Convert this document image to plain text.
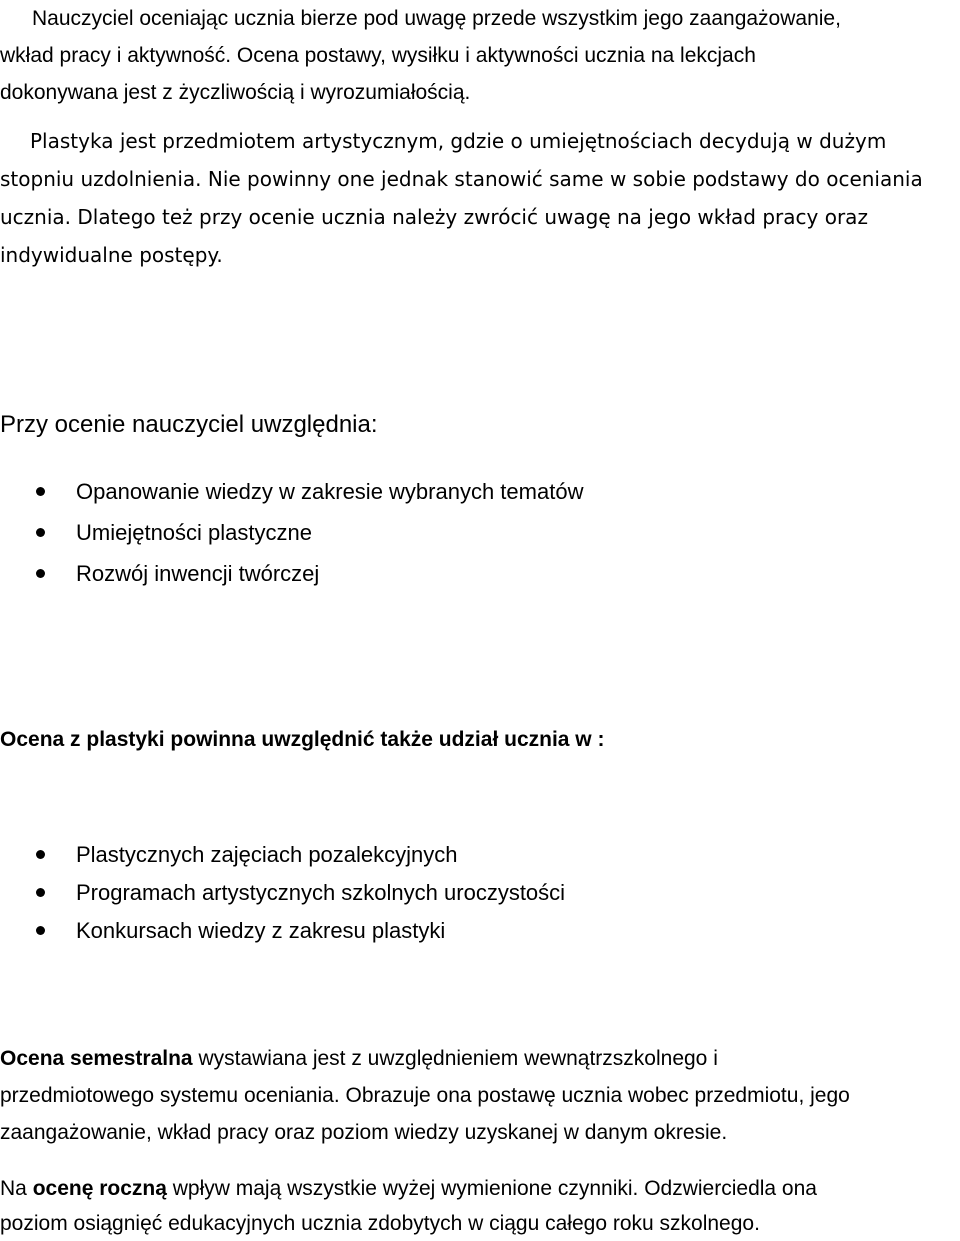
Nauczyciel oceniając ucznia bierze pod uwagę przede wszystkim jego zaangażowanie,
wkład pracy i aktywność. Ocena postawy, wysiłku i aktywności ucznia na lekcjach
dokonywana jest z życzliwością i wyrozumiałością.
Plastyka jest przedmiotem artystycznym, gdzie o umiejętnościach decydują w dużym
stopniu uzdolnienia. Nie powinny one jednak stanowić same w sobie podstawy do oceniania
ucznia. Dlatego też przy ocenie ucznia należy zwrócić uwagę na jego wkład pracy oraz
indywidualne postępy.
Przy ocenie nauczyciel uwzględnia:
Opanowanie wiedzy w zakresie wybranych tematów
Umiejętności plastyczne
Rozwój inwencji twórczej
Ocena z plastyki powinna uwzględnić także udział ucznia w :
Plastycznych zajęciach pozalekcyjnych
Programach artystycznych szkolnych uroczystości
Konkursach wiedzy z zakresu plastyki
Ocena semestralna wystawiana jest z uwzględnieniem wewnątrzszkolnego i
przedmiotowego systemu oceniania. Obrazuje ona postawę ucznia wobec przedmiotu, jego
zaangażowanie, wkład pracy oraz poziom wiedzy uzyskanej w danym okresie.
Na ocenę roczną wpływ mają wszystkie wyżej wymienione czynniki. Odzwierciedla ona
poziom osiągnięć edukacyjnych ucznia zdobytych w ciągu całego roku szkolnego.
